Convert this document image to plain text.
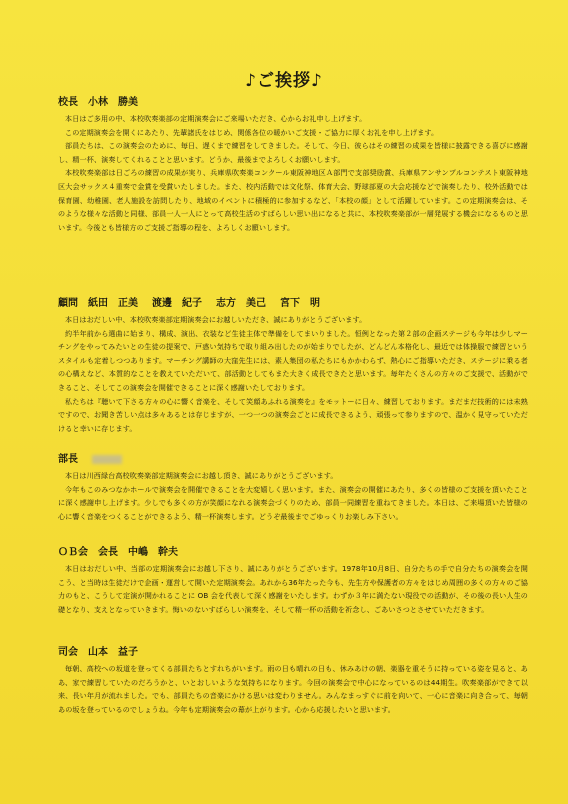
♪ご挨拶♪
校長　小林　勝美

本日はご多用の中、本校吹奏楽部の定期演奏会にご来場いただき、心からお礼申し上げます。

この定期演奏会を開くにあたり、先輩諸氏をはじめ、関係各位の暖かいご支援・ご協力に厚くお礼を申し上げます。

部員たちは、この演奏会のために、毎日、遅くまで練習をしてきました。そして、今日、彼らはその練習の成果を皆様に披露できる喜びに感謝し、精一杯、演奏してくれることと思います。どうか、最後までよろしくお願いします。

本校吹奏楽部は日ごろの練習の成果が実り、兵庫県吹奏楽コンクール東阪神地区Ａ部門で支部奨励賞、兵庫県アンサンブルコンテスト東阪神地区大会サックス４重奏で金賞を受賞いたしました。また、校内活動では文化祭、体育大会、野球部夏の大会応援などで演奏したり、校外活動では保育園、幼稚園、老人施設を訪問したり、地域のイベントに積極的に参加するなど、「本校の顔」として活躍しています。この定期演奏会は、そのような様々な活動と同様、部員一人一人にとって高校生活のすばらしい思い出になると共に、本校吹奏楽部が一層発展する機会になるものと思います。今後とも皆様方のご支援ご指導の程を、よろしくお願いします。

顧問　紙田　正美 渡邊　紀子 志方　美己 宮下　明

本日はおだしい中、本校吹奏楽部定期演奏会にお越しいただき、誠にありがとうございます。

約半年前から選曲に始まり、構成、演出、衣装など生徒主体で準備をしてまいりました。恒例となった第２部の企画ステージも今年は少しマーチングをやってみたいとの生徒の提案で、戸惑い気持ちで取り組み出したのが始まりでしたが、どんどん本格化し、最近では体操服で練習というスタイルも定着しつつあります。マーチング講師の大窪先生には、素人集団の私たちにもかかわらず、熱心にご指導いただき、ステージに乗る者の心構えなど、本質的なことを教えていただいて、部活動としてもまた大きく成長できたと思います。毎年たくさんの方々のご支援で、活動ができること、そしてこの演奏会を開催できることに深く感謝いたしております。

私たちは『聴いて下さる方々の心に響く音楽を、そして笑顔あふれる演奏を』をモットーに日々、練習しております。まだまだ技術的には未熟ですので、お聞き苦しい点は多々あるとは存じますが、一つ一つの演奏会ごとに成長できるよう、頑張って参りますので、温かく見守っていただけると幸いに存じます。

部長

本日は川西緑台高校吹奏楽部定期演奏会にお越し頂き、誠にありがとうございます。

今年もこのみつなかホールで演奏会を開催できることを大変嬉しく思います。また、演奏会の開催にあたり、多くの皆様のご支援を頂いたことに深く感謝申し上げます。少しでも多くの方が笑顔になれる演奏会づくりのため、部員一同練習を重ねてきました。本日は、ご来場頂いた皆様の心に響く音楽をつくることができるよう、精一杯演奏します。どうぞ最後までごゆっくりお楽しみ下さい。

ＯＢ会　会長　中嶋　幹夫

本日はおだしい中、当部の定期演奏会にお越し下さり、誠にありがとうございます。1978年10月8日、自分たちの手で自分たちの演奏会を開こう、と当時は生徒だけで企画・運営して開いた定期演奏会。あれから36年たった今も、先生方や保護者の方々をはじめ周囲の多くの方々のご協力のもと、こうして定演が開かれることに OB 会を代表して深く感謝をいたします。わずか３年に満たない現役での活動が、その後の長い人生の礎となり、支えとなっていきます。悔いのないすばらしい演奏を、そして精一杯の活動を祈念し、ごあいさつとさせていただきます。

司会　山本　益子

毎朝、高校への坂道を登ってくる部員たちとすれちがいます。雨の日も晴れの日も、休みあけの朝、楽器を重そうに持っている姿を見ると、ああ、家で練習していたのだろうかと、いとおしいような気持ちになります。今回の演奏会で中心になっているのは44期生。吹奏楽部ができて以来、長い年月が流れました。でも、部員たちの音楽にかける思いは変わりません。みんなまっすぐに前を向いて、一心に音楽に向き合って、毎朝あの坂を登っているのでしょうね。今年も定期演奏会の幕が上がります。心から応援したいと思います。
